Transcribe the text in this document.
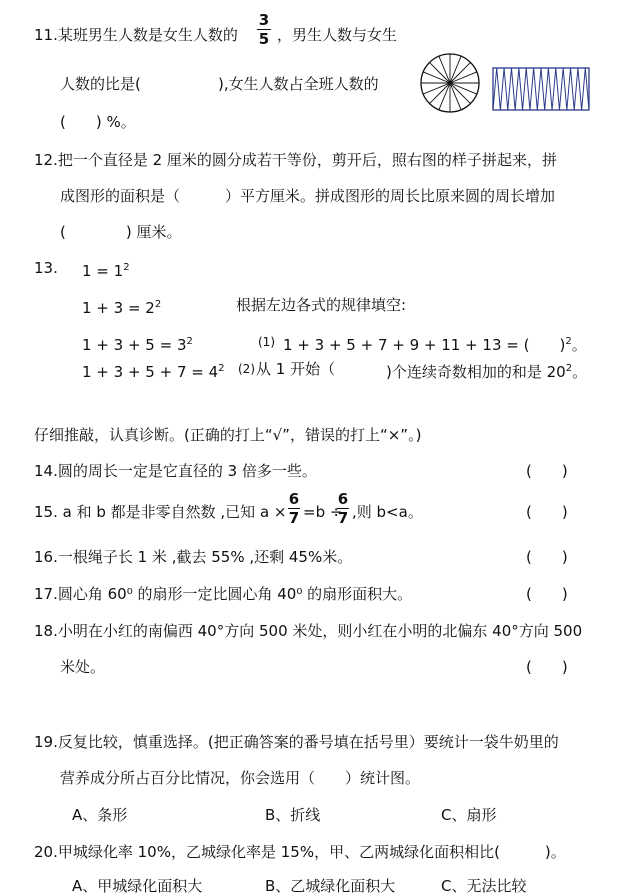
11.某班男生人数是女生人数的
3
5 ，男生人数与女生
人数的比是(	),女生人数占全班人数的
(　　) %。
12.把一个直径是 2 厘米的圆分成若干等份，剪开后，照右图的样子拼起来，拼
成图形的面积是（　　　）平方厘米。拼成图形的周长比原来圆的周长增加
(　　　　) 厘米。
13. $1 = 1^2$
$1 + 3 = 2^2$	根据左边各式的规律填空:
$1 + 3 + 5 = 3^2$	(1) 1 + 3 + 5 + 7 + 9 + 11 + 13 = (　　)$^2$。
$1 + 3 + 5 + 7 = 4^2$ (2) 从 1 开始（	)个连续奇数相加的和是 $20^2$。
仔细推敲，认真诊断。(正确的打上“√”，错误的打上“×”。)
14.圆的周长一定是它直径的 3 倍多一些。	(　　)
15. a 和 b 都是非零自然数 ,已知 a ×
6
7 =b ÷
6
7 ,则 b<a。	(　　)
16.一根绳子长 1 米 ,截去 55% ,还剩 45%米。	(　　)
17.圆心角 60⁰ 的扇形一定比圆心角 40⁰ 的扇形面积大。	(　　)
18.小明在小红的南偏西 40°方向 500 米处，则小红在小明的北偏东 40°方向 500
米处。	(　　)
19.反复比较，慎重选择。(把正确答案的番号填在括号里）要统计一袋牛奶里的
营养成分所占百分比情况，你会选用（　　）统计图。
A、条形	B、折线	C、扇形
20.甲城绿化率 10%，乙城绿化率是 15%，甲、乙两城绿化面积相比(　　　)。
A、甲城绿化面积大	B、乙城绿化面积大	C、无法比较
